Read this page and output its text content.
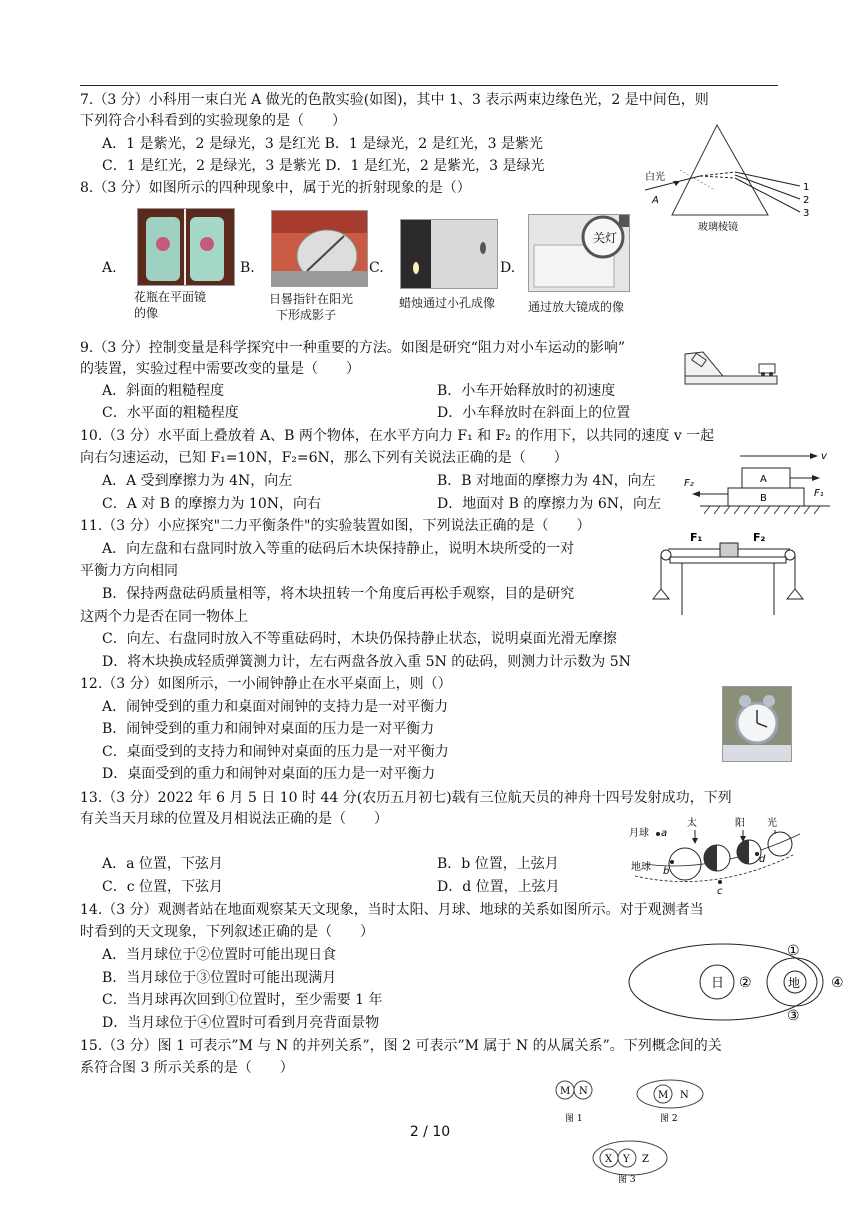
7.（3 分）小科用一束白光 A 做光的色散实验(如图)，其中 1、3 表示两束边缘色光，2 是中间色，则
下列符合小科看到的实验现象的是（　　）
A．1 是紫光，2 是绿光，3 是红光 B．1 是绿光，2 是红光，3 是紫光
C．1 是红光，2 是绿光，3 是紫光 D．1 是红光，2 是紫光，3 是绿光
白光
A
玻璃棱镜
1
2
3
8.（3 分）如图所示的四种现象中，属于光的折射现象的是（）
A.	B.	C.	D.
花瓶在平面镜
的像
日晷指针在阳光
下形成影子
蜡烛通过小孔成像
关灯
通过放大镜成的像
9.（3 分）控制变量是科学探究中一种重要的方法。如图是研究“阻力对小车运动的影响”
的装置，实验过程中需要改变的量是（　　）
A．斜面的粗糙程度	B．小车开始释放时的初速度
C．水平面的粗糙程度	D．小车释放时在斜面上的位置
10.（3 分）水平面上叠放着 A、B 两个物体，在水平方向力 F₁ 和 F₂ 的作用下，以共同的速度 v 一起
向右匀速运动，已知 F₁=10N，F₂=6N，那么下列有关说法正确的是（　　）
A．A 受到摩擦力为 4N，向左	B．B 对地面的摩擦力为 4N，向左
C．A 对 B 的摩擦力为 10N，向右	D．地面对 B 的摩擦力为 6N，向左
v
A
B
F₂
F₁
11.（3 分）小应探究"二力平衡条件"的实验装置如图，下列说法正确的是（　　）
A．向左盘和右盘同时放入等重的砝码后木块保持静止，说明木块所受的一对
平衡力方向相同
B．保持两盘砝码质量相等，将木块扭转一个角度后再松手观察，目的是研究
这两个力是否在同一物体上
C．向左、右盘同时放入不等重砝码时，木块仍保持静止状态，说明桌面光滑无摩擦
D．将木块换成轻质弹簧测力计，左右两盘各放入重 5N 的砝码，则测力计示数为 5N
F₁	F₂
12.（3 分）如图所示，一小闹钟静止在水平桌面上，则（）
A．闹钟受到的重力和桌面对闹钟的支持力是一对平衡力
B．闹钟受到的重力和闹钟对桌面的压力是一对平衡力
C．桌面受到的支持力和闹钟对桌面的压力是一对平衡力
D．桌面受到的重力和闹钟对桌面的压力是一对平衡力
13.（3 分）2022 年 6 月 5 日 10 时 44 分(农历五月初七)载有三位航天员的神舟十四号发射成功，下列
有关当天月球的位置及月相说法正确的是（　　）
A．a 位置，下弦月	B．b 位置，上弦月
C．c 位置，下弦月	D．d 位置，上弦月
月球
地球
太	阳 光
a
b
c
d
14.（3 分）观测者站在地面观察某天文现象，当时太阳、月球、地球的关系如图所示。对于观测者当
时看到的天文现象，下列叙述正确的是（　　）
A．当月球位于②位置时可能出现日食
B．当月球位于③位置时可能出现满月
C．当月球再次回到①位置时，至少需要 1 年
D．当月球位于④位置时可看到月亮背面景物
日	地
①
②
③
④
15.（3 分）图 1 可表示”M 与 N 的并列关系”，图 2 可表示”M 属于 N 的从属关系”。下列概念间的关
系符合图 3 所示关系的是（　　）
M N
图 1
M N
图 2
X Y Z
图 3
2 / 10
